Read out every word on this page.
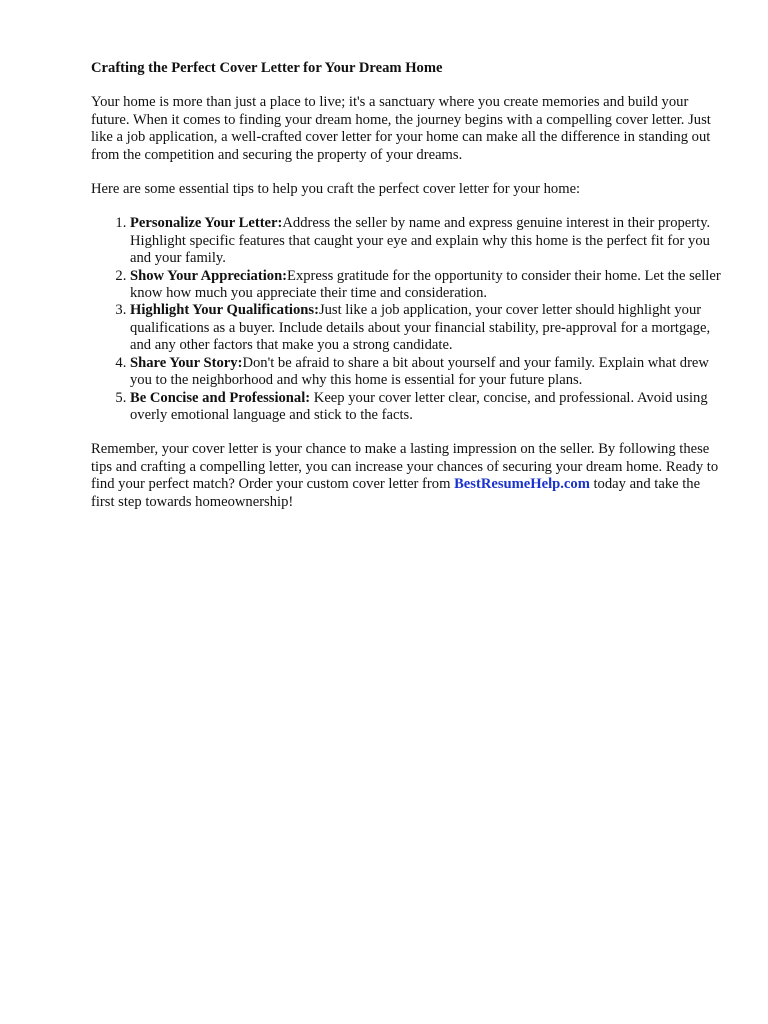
Crafting the Perfect Cover Letter for Your Dream Home

Your home is more than just a place to live; it's a sanctuary where you create memories and build your future. When it comes to finding your dream home, the journey begins with a compelling cover letter. Just like a job application, a well-crafted cover letter for your home can make all the difference in standing out from the competition and securing the property of your dreams.

Here are some essential tips to help you craft the perfect cover letter for your home:

1. Personalize Your Letter:Address the seller by name and express genuine interest in their property. Highlight specific features that caught your eye and explain why this home is the perfect fit for you and your family.
2. Show Your Appreciation:Express gratitude for the opportunity to consider their home. Let the seller know how much you appreciate their time and consideration.
3. Highlight Your Qualifications:Just like a job application, your cover letter should highlight your qualifications as a buyer. Include details about your financial stability, pre-approval for a mortgage, and any other factors that make you a strong candidate.
4. Share Your Story:Don't be afraid to share a bit about yourself and your family. Explain what drew you to the neighborhood and why this home is essential for your future plans.
5. Be Concise and Professional: Keep your cover letter clear, concise, and professional. Avoid using overly emotional language and stick to the facts.

Remember, your cover letter is your chance to make a lasting impression on the seller. By following these tips and crafting a compelling letter, you can increase your chances of securing your dream home. Ready to find your perfect match? Order your custom cover letter from BestResumeHelp.com today and take the first step towards homeownership!
